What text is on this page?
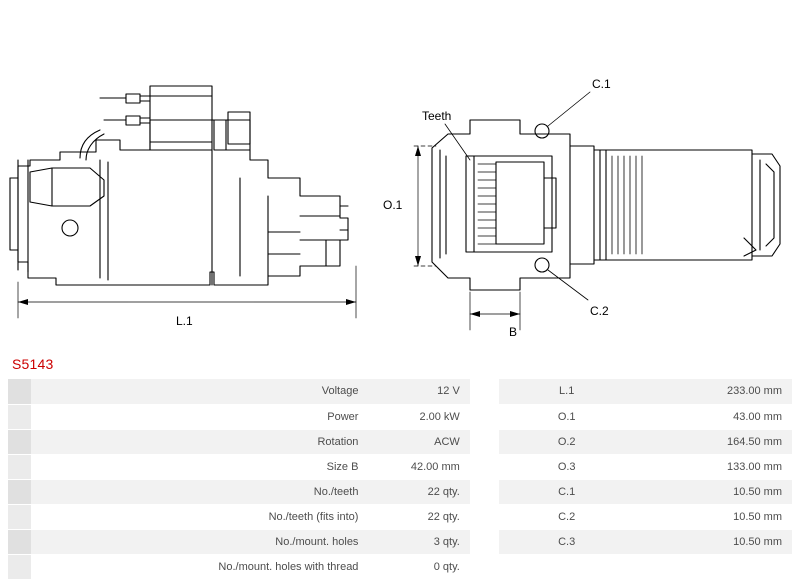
L.1
O.1
B
Teeth
C.1
C.2
S5143
	Voltage	12 V		L.1	233.00 mm
	Power	2.00 kW		O.1	43.00 mm
	Rotation	ACW		O.2	164.50 mm
	Size B	42.00 mm		O.3	133.00 mm
	No./teeth	22 qty.		C.1	10.50 mm
	No./teeth (fits into)	22 qty.		C.2	10.50 mm
	No./mount. holes	3 qty.		C.3	10.50 mm
	No./mount. holes with thread	0 qty.			
